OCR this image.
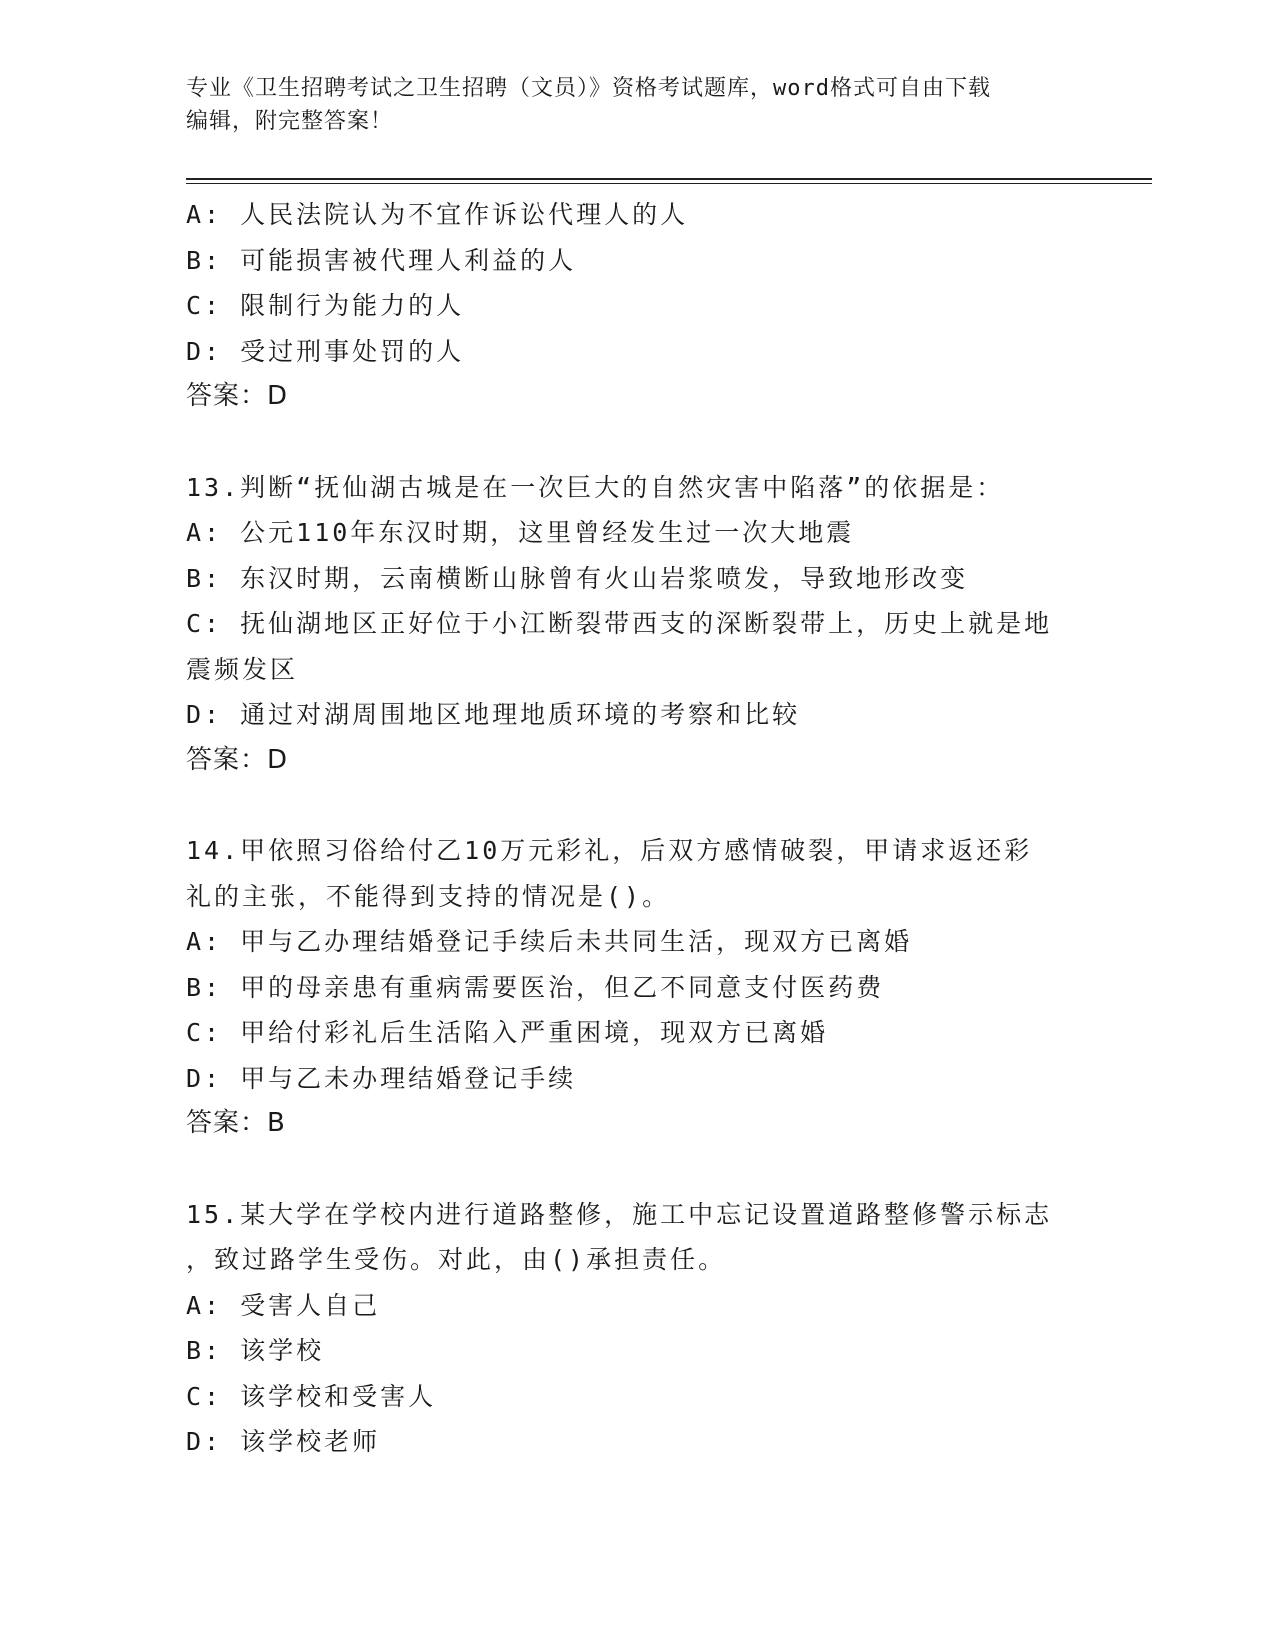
专业《卫生招聘考试之卫生招聘（文员）》资格考试题库，word格式可自由下载
编辑，附完整答案！
A: 人民法院认为不宜作诉讼代理人的人
B: 可能损害被代理人利益的人
C: 限制行为能力的人
D: 受过刑事处罚的人
答案：D
13.判断“抚仙湖古城是在一次巨大的自然灾害中陷落”的依据是：
A: 公元110年东汉时期，这里曾经发生过一次大地震
B: 东汉时期，云南横断山脉曾有火山岩浆喷发，导致地形改变
C: 抚仙湖地区正好位于小江断裂带西支的深断裂带上，历史上就是地
震频发区
D: 通过对湖周围地区地理地质环境的考察和比较
答案：D
14.甲依照习俗给付乙10万元彩礼，后双方感情破裂，甲请求返还彩
礼的主张，不能得到支持的情况是()。
A: 甲与乙办理结婚登记手续后未共同生活，现双方已离婚
B: 甲的母亲患有重病需要医治，但乙不同意支付医药费
C: 甲给付彩礼后生活陷入严重困境，现双方已离婚
D: 甲与乙未办理结婚登记手续
答案：B
15.某大学在学校内进行道路整修，施工中忘记设置道路整修警示标志
，致过路学生受伤。对此，由()承担责任。
A: 受害人自己
B: 该学校
C: 该学校和受害人
D: 该学校老师
